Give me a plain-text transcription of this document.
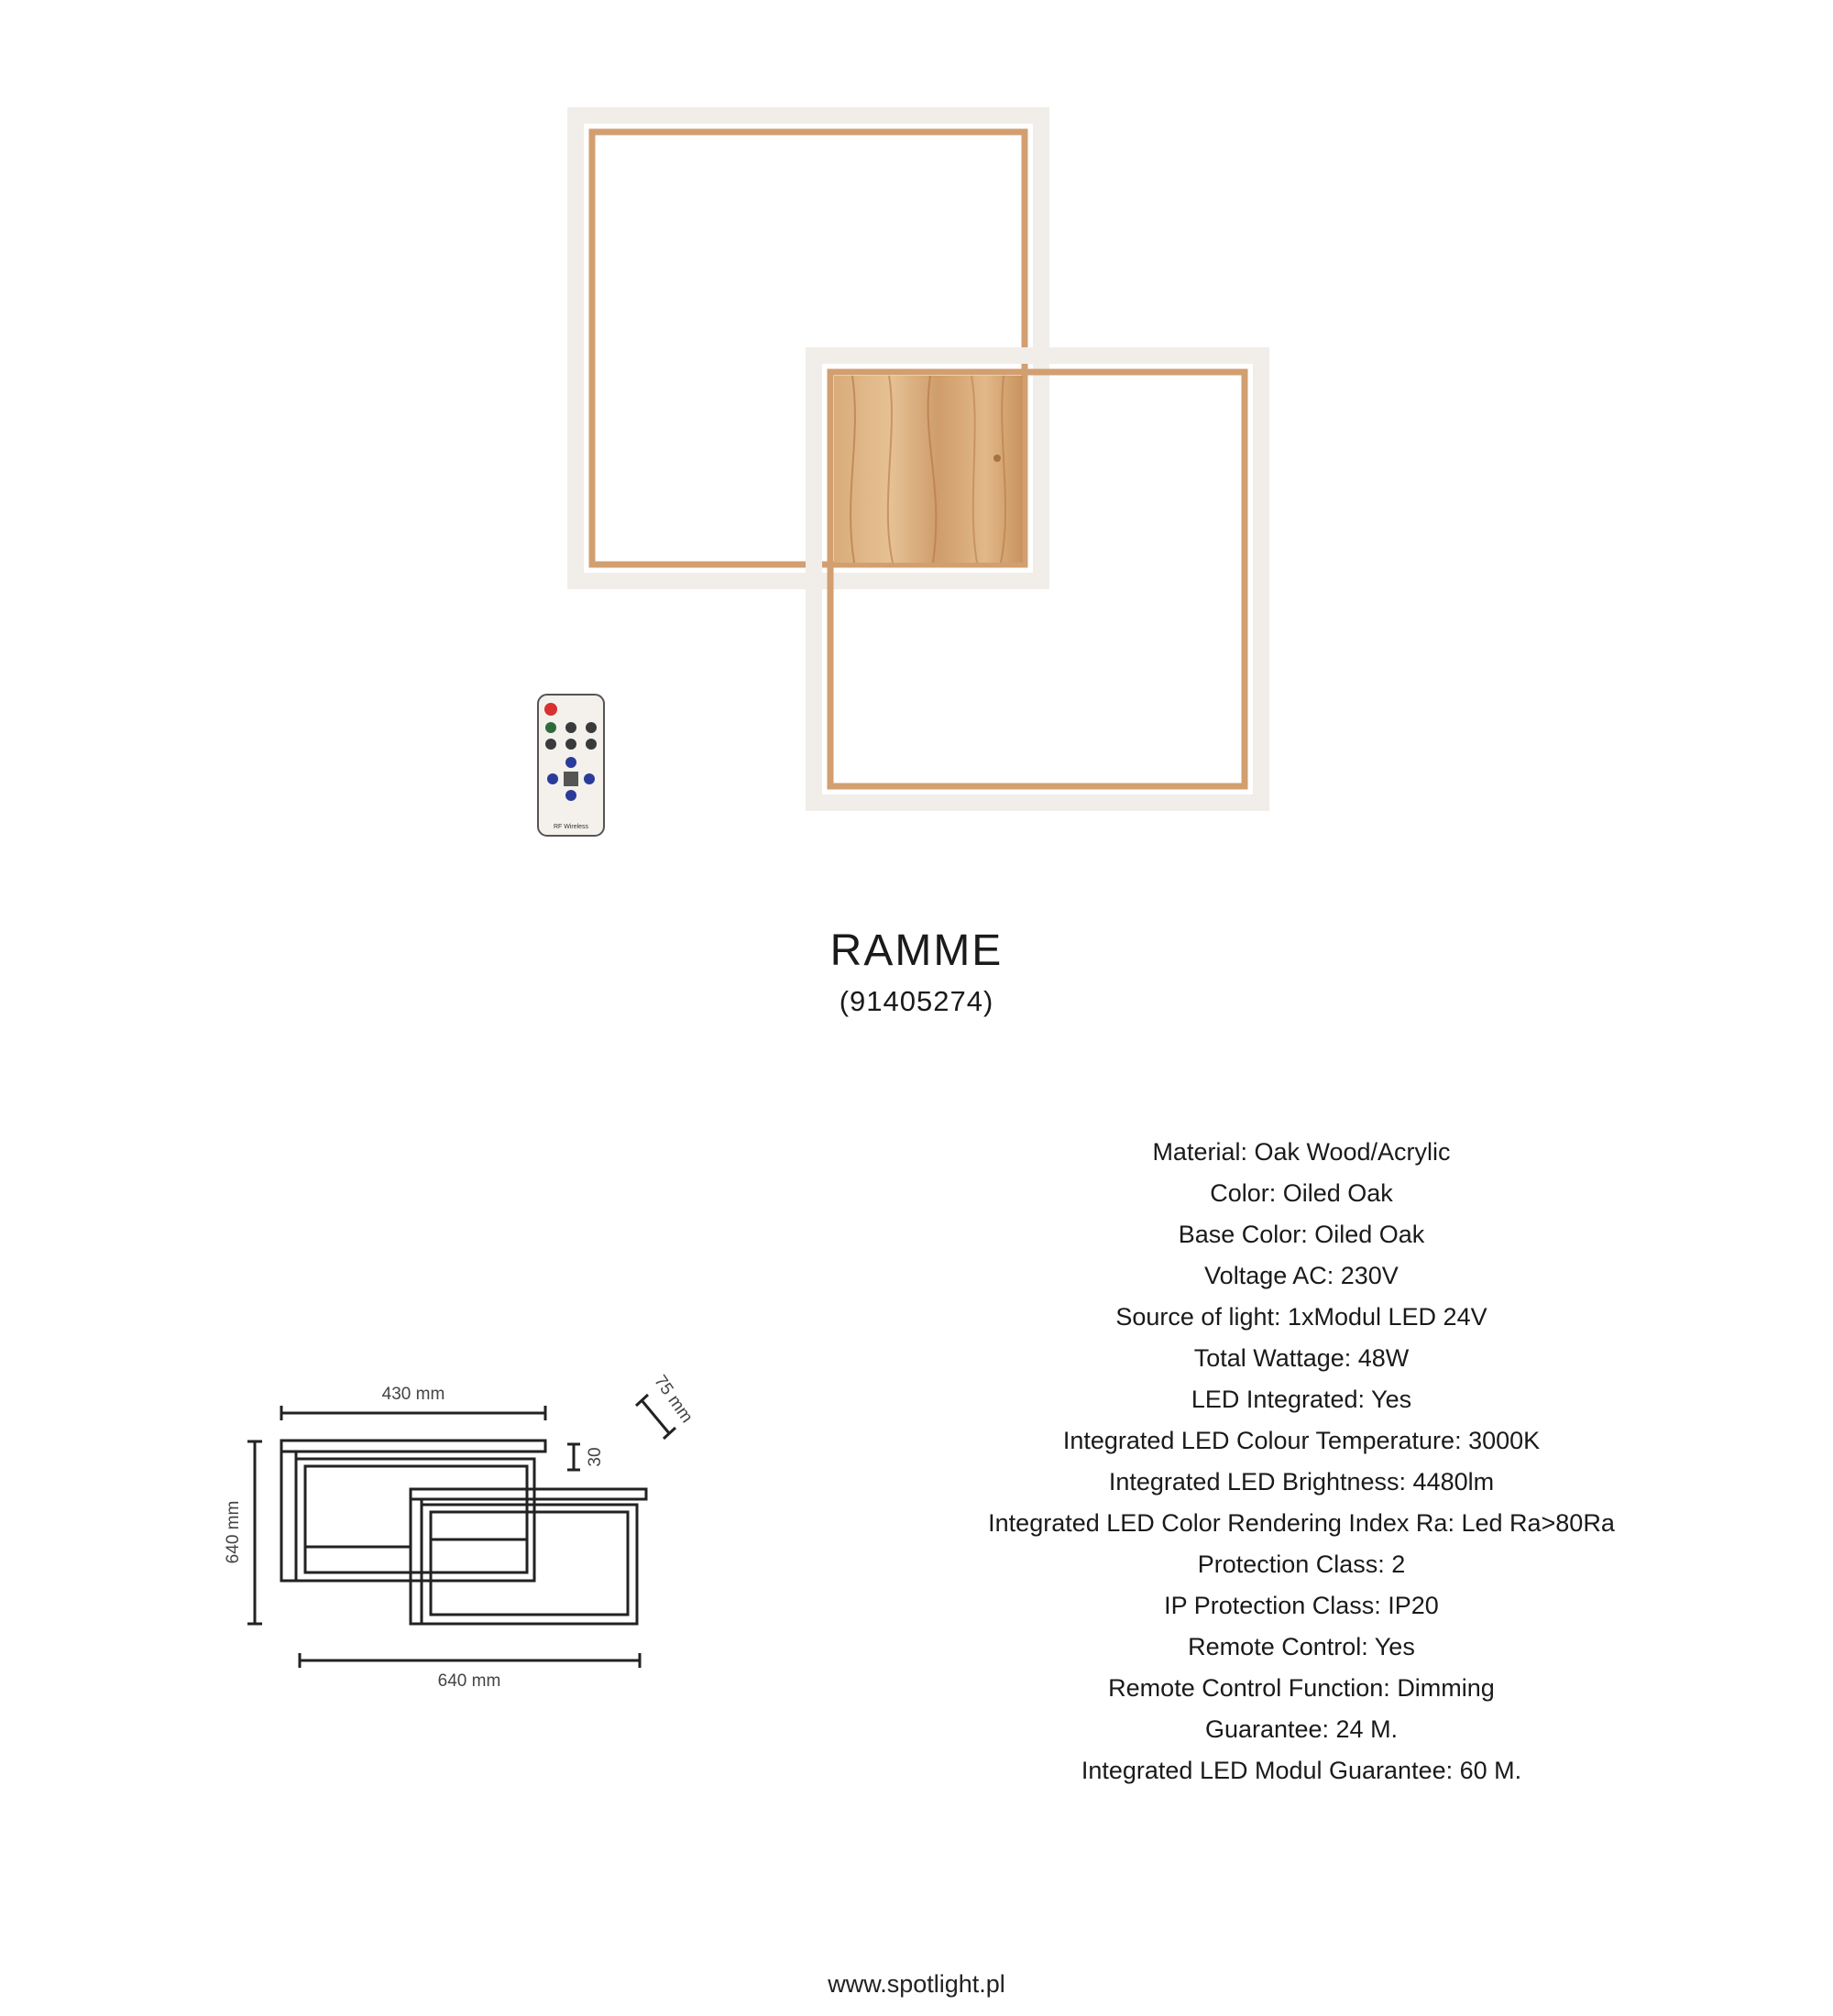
RF Wireless
RAMME
(91405274)
430 mm
640 mm
640 mm
30
75 mm
Material: Oak Wood/Acrylic
Color: Oiled Oak
Base Color: Oiled Oak
Voltage AC: 230V
Source of light: 1xModul LED 24V
Total Wattage: 48W
LED Integrated: Yes
Integrated LED Colour Temperature: 3000K
Integrated LED Brightness: 4480lm
Integrated LED Color Rendering Index Ra: Led Ra>80Ra
Protection Class: 2
IP Protection Class: IP20
Remote Control: Yes
Remote Control Function: Dimming
Guarantee: 24 M.
Integrated LED Modul Guarantee: 60 M.
www.spotlight.pl
